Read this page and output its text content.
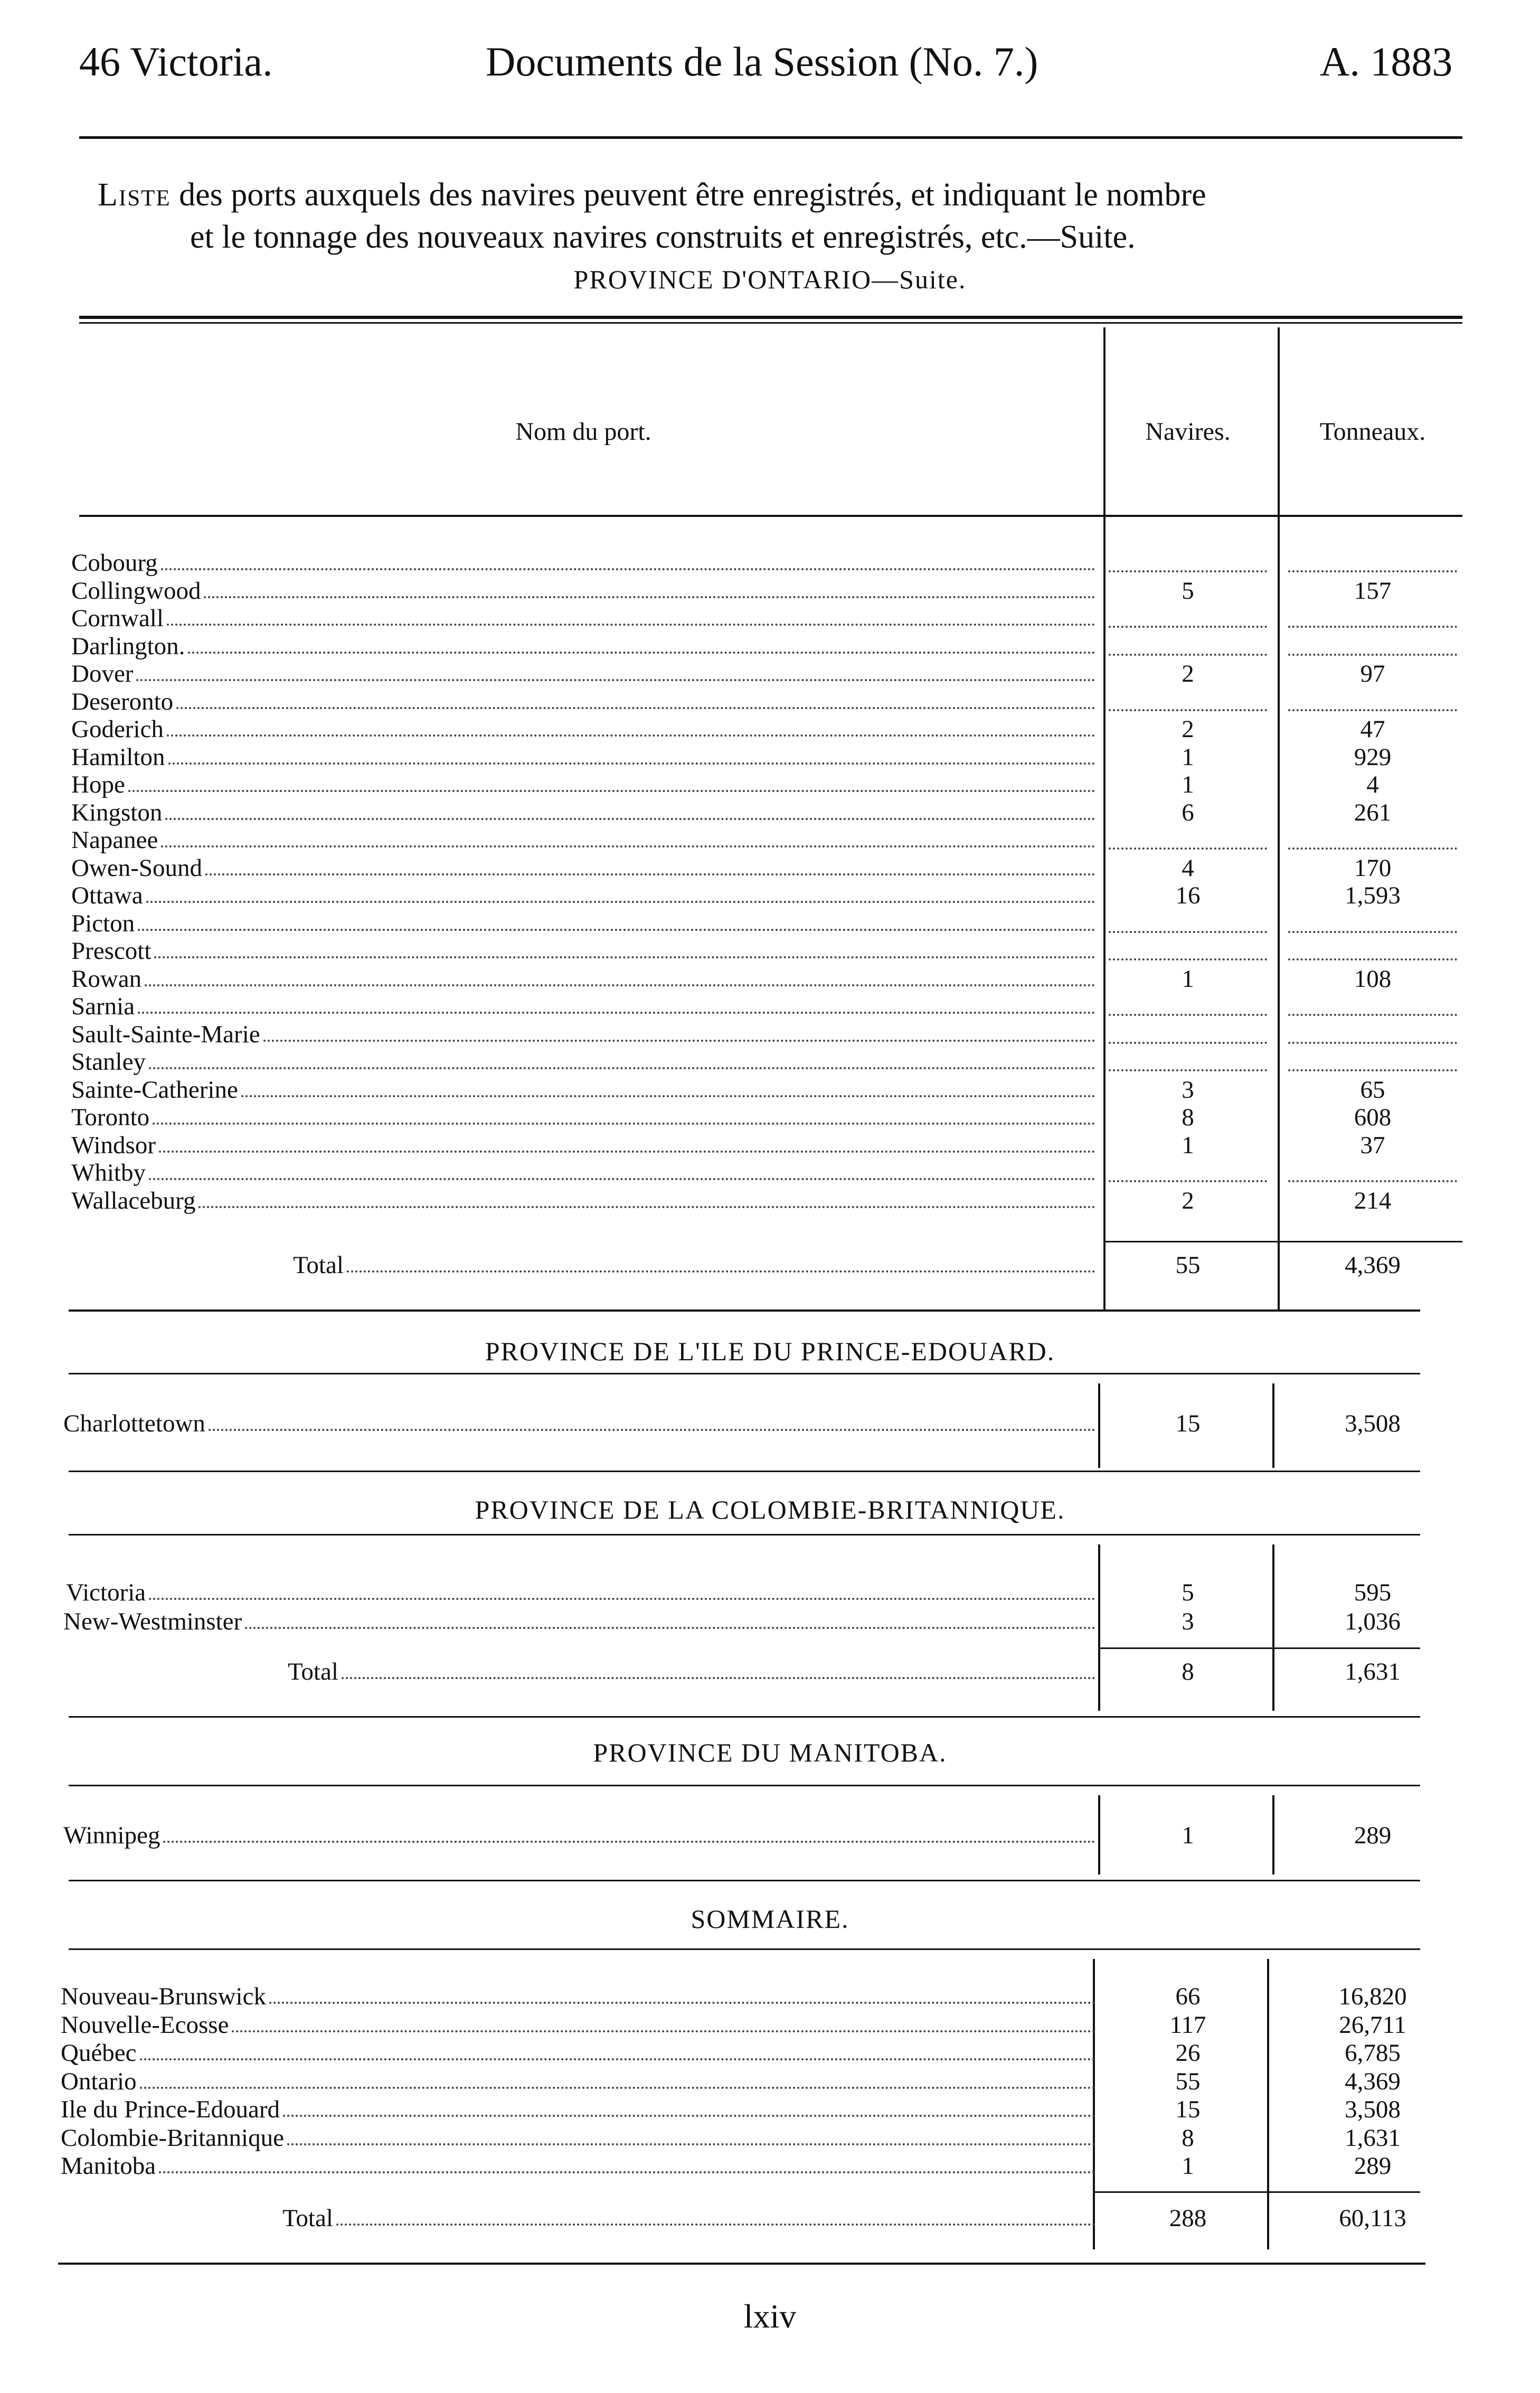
46 Victoria.	Documents de la Session (No. 7.)	A. 1883
Liste des ports auxquels des navires peuvent être enregistrés, et indiquant le nombre
et le tonnage des nouveaux navires construits et enregistrés, etc.—Suite.
PROVINCE D'ONTARIO—Suite.
Nom du port.	Navires.	Tonneaux.
Cobourg
Collingwood	5	157
Cornwall
Darlington.
Dover	2	97
Deseronto
Goderich	2	47
Hamilton	1	929
Hope	1	4
Kingston	6	261
Napanee
Owen-Sound	4	170
Ottawa	16	1,593
Picton
Prescott
Rowan	1	108
Sarnia
Sault-Sainte-Marie
Stanley
Sainte-Catherine	3	65
Toronto	8	608
Windsor	1	37
Whitby
Wallaceburg	2	214
Total	55	4,369
PROVINCE DE L'ILE DU PRINCE-EDOUARD.
Charlottetown	15	3,508
PROVINCE DE LA COLOMBIE-BRITANNIQUE.
Victoria	5	595
New-Westminster	3	1,036
Total	8	1,631
PROVINCE DU MANITOBA.
Winnipeg	1	289
SOMMAIRE.
Nouveau-Brunswick	66	16,820
Nouvelle-Ecosse	117	26,711
Québec	26	6,785
Ontario	55	4,369
Ile du Prince-Edouard	15	3,508
Colombie-Britannique	8	1,631
Manitoba	1	289
Total	288	60,113
lxiv
